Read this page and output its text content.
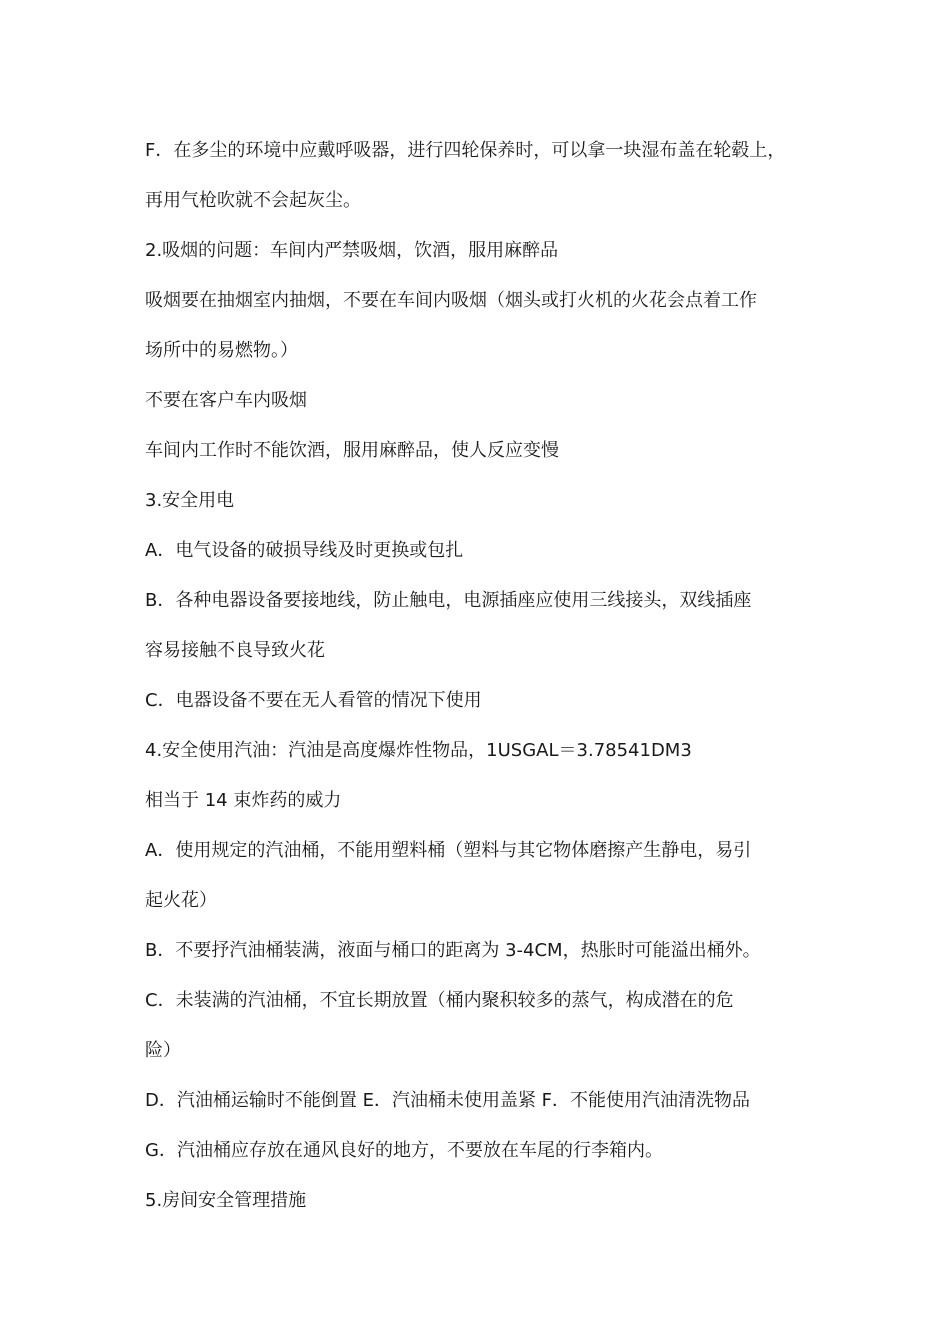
F．在多尘的环境中应戴呼吸器，进行四轮保养时，可以拿一块湿布盖在轮毂上，
再用气枪吹就不会起灰尘。
2.吸烟的问题：车间内严禁吸烟，饮酒，服用麻醉品
吸烟要在抽烟室内抽烟，不要在车间内吸烟（烟头或打火机的火花会点着工作
场所中的易燃物。）
不要在客户车内吸烟
车间内工作时不能饮酒，服用麻醉品，使人反应变慢
3.安全用电
A．电气设备的破损导线及时更换或包扎
B．各种电器设备要接地线，防止触电，电源插座应使用三线接头，双线插座
容易接触不良导致火花
C．电器设备不要在无人看管的情况下使用
4.安全使用汽油：汽油是高度爆炸性物品，1USGAL＝3.78541DM3
相当于 14 束炸药的威力
A．使用规定的汽油桶，不能用塑料桶（塑料与其它物体磨擦产生静电，易引
起火花）
B．不要抒汽油桶装满，液面与桶口的距离为 3-4CM，热胀时可能溢出桶外。
C．未装满的汽油桶，不宜长期放置（桶内聚积较多的蒸气，构成潜在的危
险）
D．汽油桶运输时不能倒置 E．汽油桶未使用盖紧 F．不能使用汽油清洗物品
G．汽油桶应存放在通风良好的地方，不要放在车尾的行李箱内。
5.房间安全管理措施
